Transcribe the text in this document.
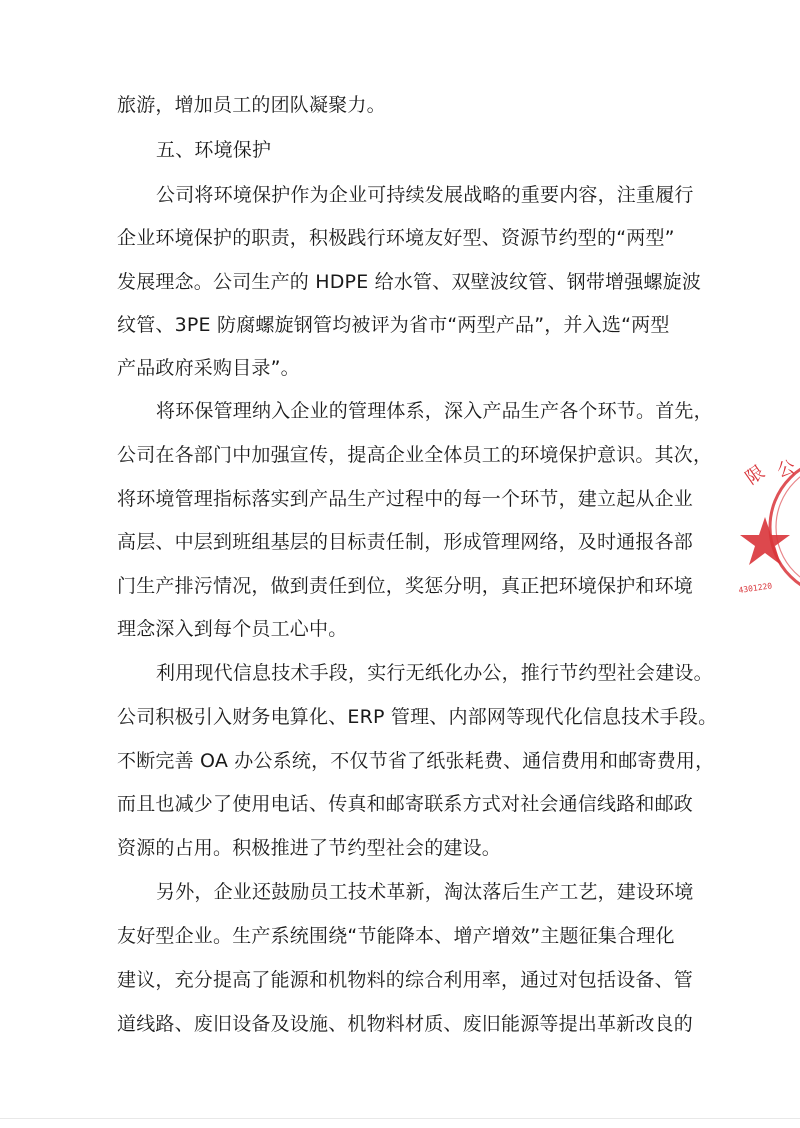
旅游，增加员工的团队凝聚力。
五、环境保护
公司将环境保护作为企业可持续发展战略的重要内容，注重履行
企业环境保护的职责，积极践行环境友好型、资源节约型的“两型”
发展理念。公司生产的 HDPE 给水管、双壁波纹管、钢带增强螺旋波
纹管、3PE 防腐螺旋钢管均被评为省市“两型产品”，并入选“两型
产品政府采购目录”。
将环保管理纳入企业的管理体系，深入产品生产各个环节。首先，
公司在各部门中加强宣传，提高企业全体员工的环境保护意识。其次，
将环境管理指标落实到产品生产过程中的每一个环节，建立起从企业
高层、中层到班组基层的目标责任制，形成管理网络，及时通报各部
门生产排污情况，做到责任到位，奖惩分明，真正把环境保护和环境
理念深入到每个员工心中。
利用现代信息技术手段，实行无纸化办公，推行节约型社会建设。
公司积极引入财务电算化、ERP 管理、内部网等现代化信息技术手段。
不断完善 OA 办公系统，不仅节省了纸张耗费、通信费用和邮寄费用，
而且也减少了使用电话、传真和邮寄联系方式对社会通信线路和邮政
资源的占用。积极推进了节约型社会的建设。
另外，企业还鼓励员工技术革新，淘汰落后生产工艺，建设环境
友好型企业。生产系统围绕“节能降本、增产增效”主题征集合理化
建议，充分提高了能源和机物料的综合利用率，通过对包括设备、管
道线路、废旧设备及设施、机物料材质、废旧能源等提出革新改良的
限 公
4301220
